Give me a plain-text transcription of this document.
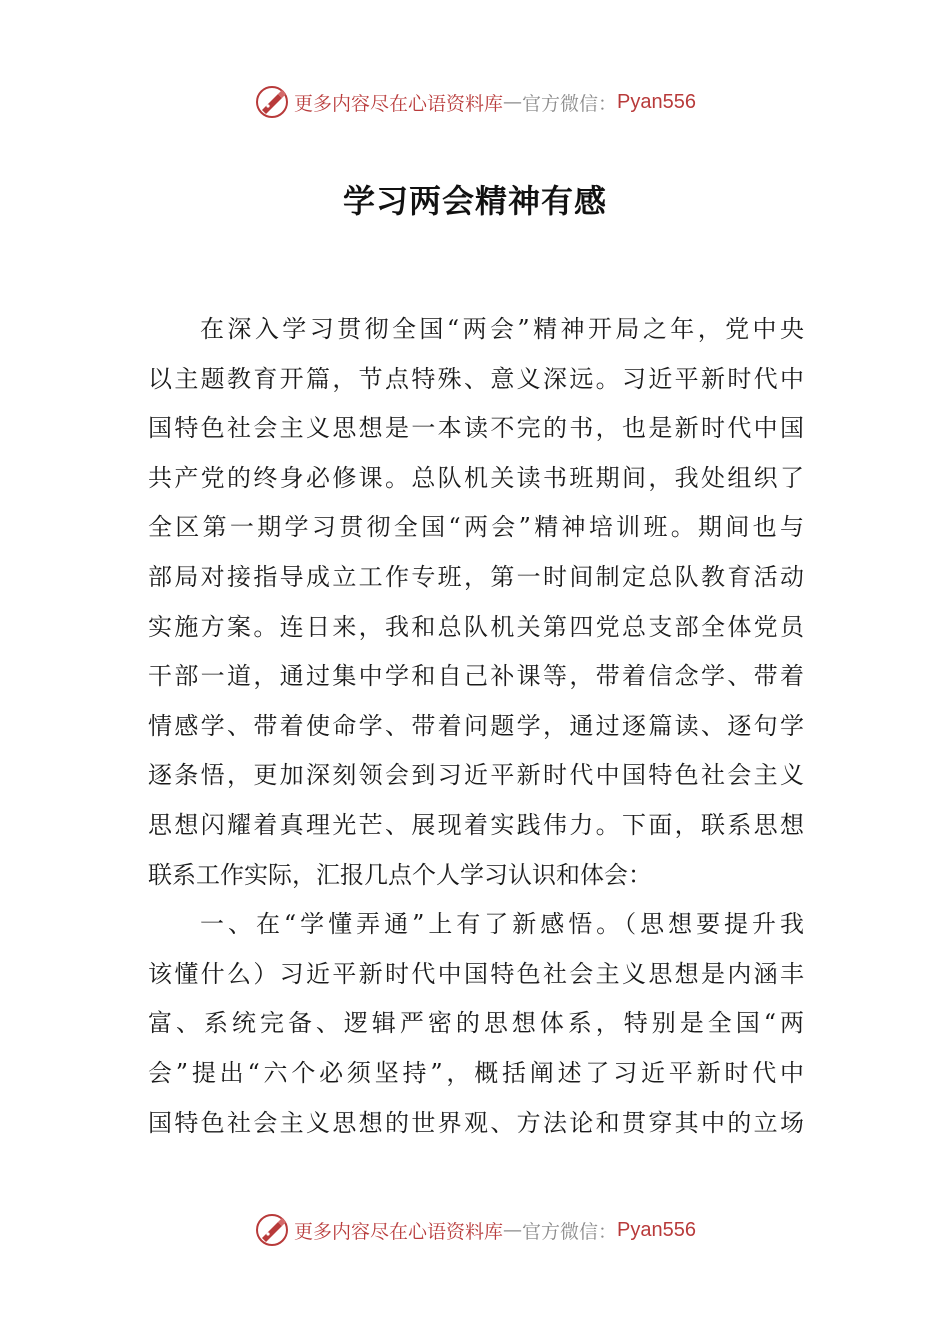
更多内容尽在心语资料库 — 官方微信： Pyan556
学习两会精神有感
在深入学习贯彻全国“两会”精神开局之年，党中央
以主题教育开篇，节点特殊、意义深远。习近平新时代中
国特色社会主义思想是一本读不完的书，也是新时代中国
共产党的终身必修课。总队机关读书班期间，我处组织了
全区第一期学习贯彻全国“两会”精神培训班。期间也与
部局对接指导成立工作专班，第一时间制定总队教育活动
实施方案。连日来，我和总队机关第四党总支部全体党员
干部一道，通过集中学和自己补课等，带着信念学、带着
情感学、带着使命学、带着问题学，通过逐篇读、逐句学
逐条悟，更加深刻领会到习近平新时代中国特色社会主义
思想闪耀着真理光芒、展现着实践伟力。下面，联系思想
联系工作实际，汇报几点个人学习认识和体会：
一、在“学懂弄通”上有了新感悟。（思想要提升我
该懂什么）习近平新时代中国特色社会主义思想是内涵丰
富、系统完备、逻辑严密的思想体系，特别是全国“两
会”提出“六个必须坚持”，概括阐述了习近平新时代中
国特色社会主义思想的世界观、方法论和贯穿其中的立场
更多内容尽在心语资料库 — 官方微信： Pyan556
